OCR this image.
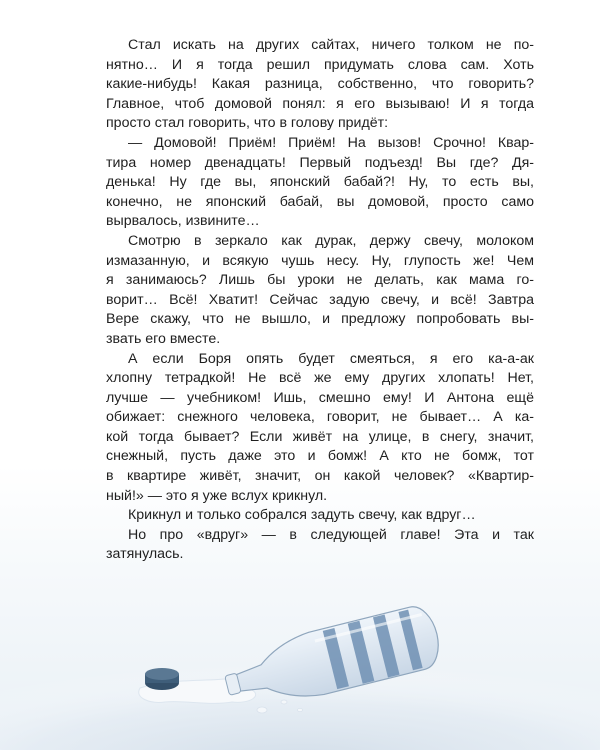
Стал искать на других сайтах, ничего толком не по-
нятно… И я тогда решил придумать слова сам. Хоть
какие-нибудь! Какая разница, собственно, что говорить?
Главное, чтоб домовой понял: я его вызываю! И я тогда
просто стал говорить, что в голову придёт:

— Домовой! Приём! Приём! На вызов! Срочно! Квар-
тира номер двенадцать! Первый подъезд! Вы где? Дя-
денька! Ну где вы, японский бабай?! Ну, то есть вы,
конечно, не японский бабай, вы домовой, просто само
вырвалось, извините…

Смотрю в зеркало как дурак, держу свечу, молоком
измазанную, и всякую чушь несу. Ну, глупость же! Чем
я занимаюсь? Лишь бы уроки не делать, как мама го-
ворит… Всё! Хватит! Сейчас задую свечу, и всё! Завтра
Вере скажу, что не вышло, и предложу попробовать вы-
звать его вместе.

А если Боря опять будет смеяться, я его ка-а-ак
хлопну тетрадкой! Не всё же ему других хлопать! Нет,
лучше — учебником! Ишь, смешно ему! И Антона ещё
обижает: снежного человека, говорит, не бывает… А ка-
кой тогда бывает? Если живёт на улице, в снегу, значит,
снежный, пусть даже это и бомж! А кто не бомж, тот
в квартире живёт, значит, он какой человек? «Квартир-
ный!» — это я уже вслух крикнул.

Крикнул и только собрался задуть свечу, как вдруг…

Но про «вдруг» — в следующей главе! Эта и так
затянулась.
